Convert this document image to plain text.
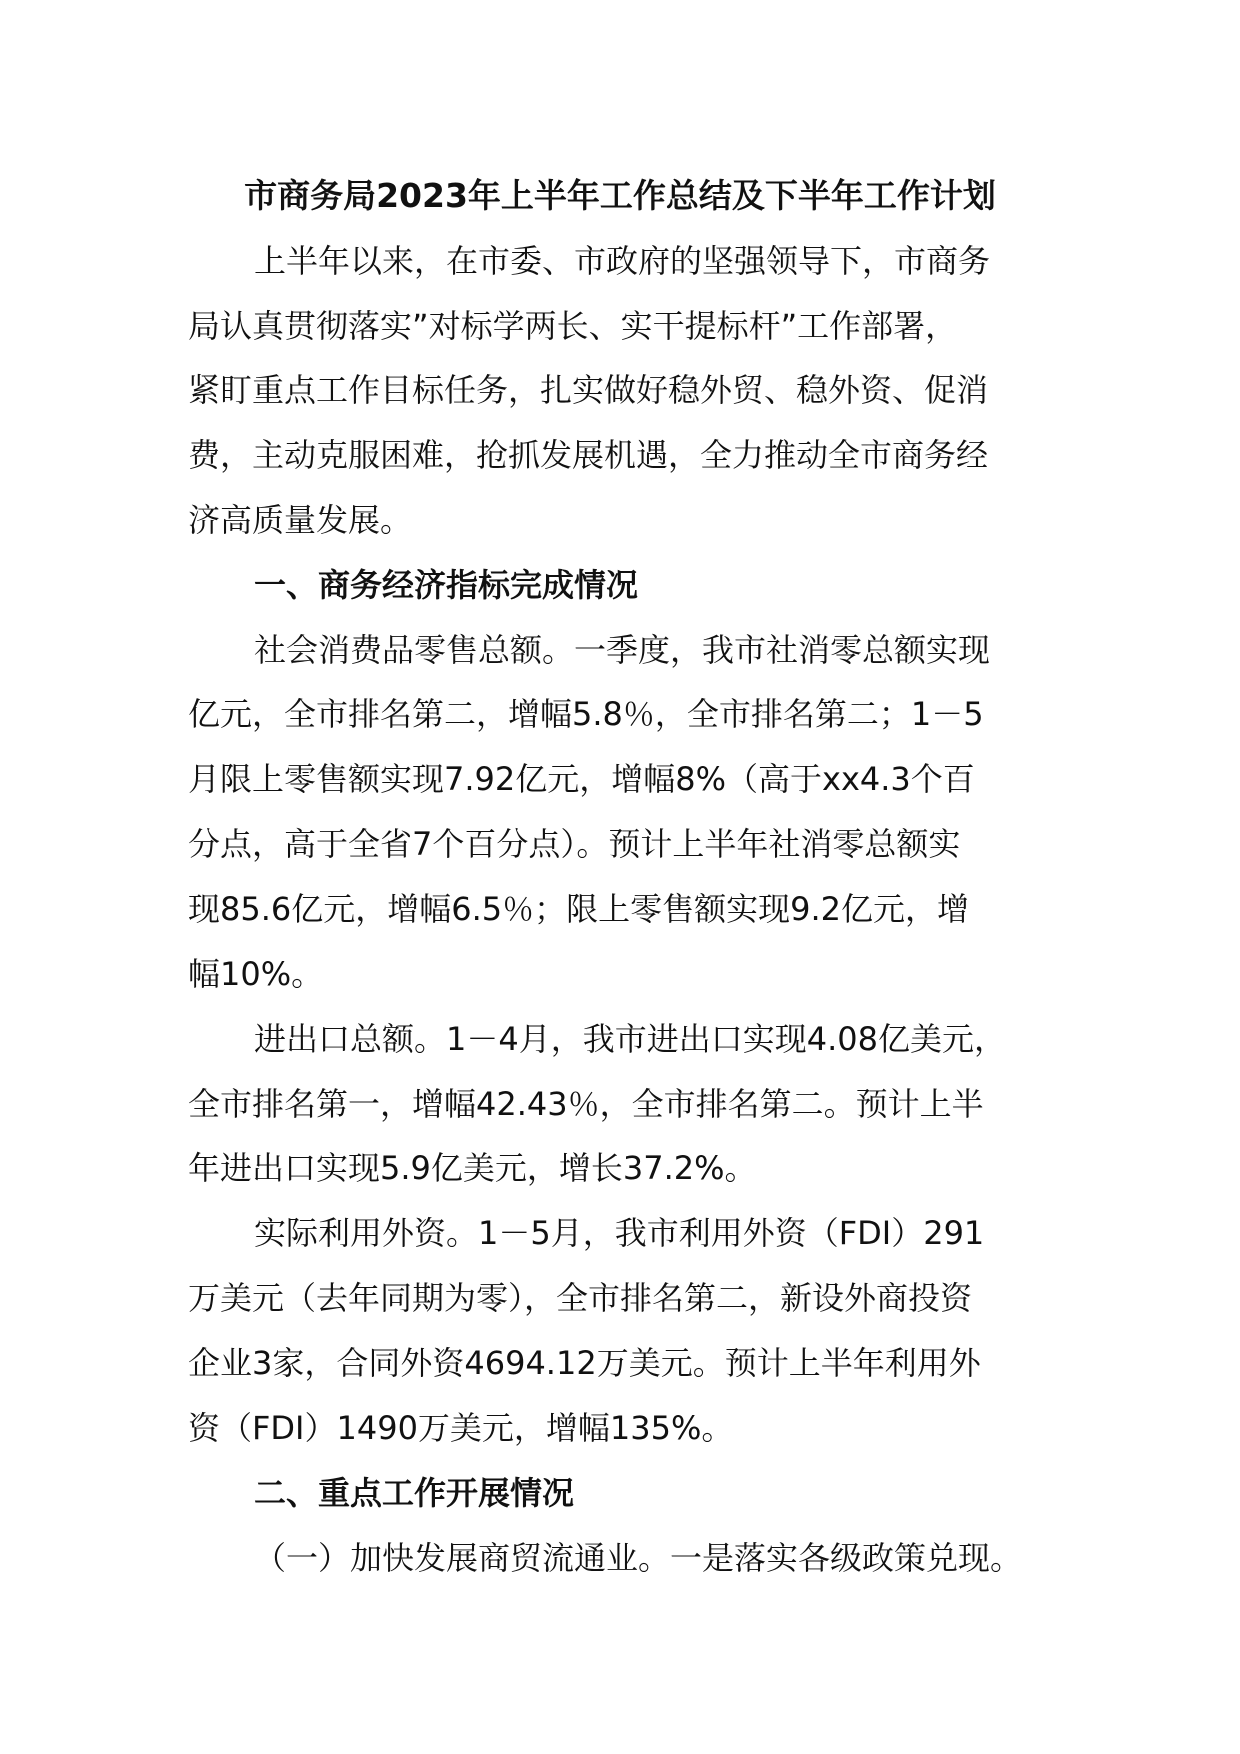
市商务局2023年上半年工作总结及下半年工作计划
上半年以来，在市委、市政府的坚强领导下，市商务
局认真贯彻落实”对标学两长、实干提标杆”工作部署，
紧盯重点工作目标任务，扎实做好稳外贸、稳外资、促消
费，主动克服困难，抢抓发展机遇，全力推动全市商务经
济高质量发展。
一、商务经济指标完成情况
社会消费品零售总额。一季度，我市社消零总额实现
亿元，全市排名第二，增幅5.8％，全市排名第二；1－5
月限上零售额实现7.92亿元，增幅8%（高于xx4.3个百
分点，高于全省7个百分点）。预计上半年社消零总额实
现85.6亿元，增幅6.5％；限上零售额实现9.2亿元，增
幅10%。
进出口总额。1－4月，我市进出口实现4.08亿美元，
全市排名第一，增幅42.43％，全市排名第二。预计上半
年进出口实现5.9亿美元，增长37.2%。
实际利用外资。1－5月，我市利用外资（FDI）291
万美元（去年同期为零），全市排名第二，新设外商投资
企业3家，合同外资4694.12万美元。预计上半年利用外
资（FDI）1490万美元，增幅135%。
二、重点工作开展情况
（一）加快发展商贸流通业。一是落实各级政策兑现。
